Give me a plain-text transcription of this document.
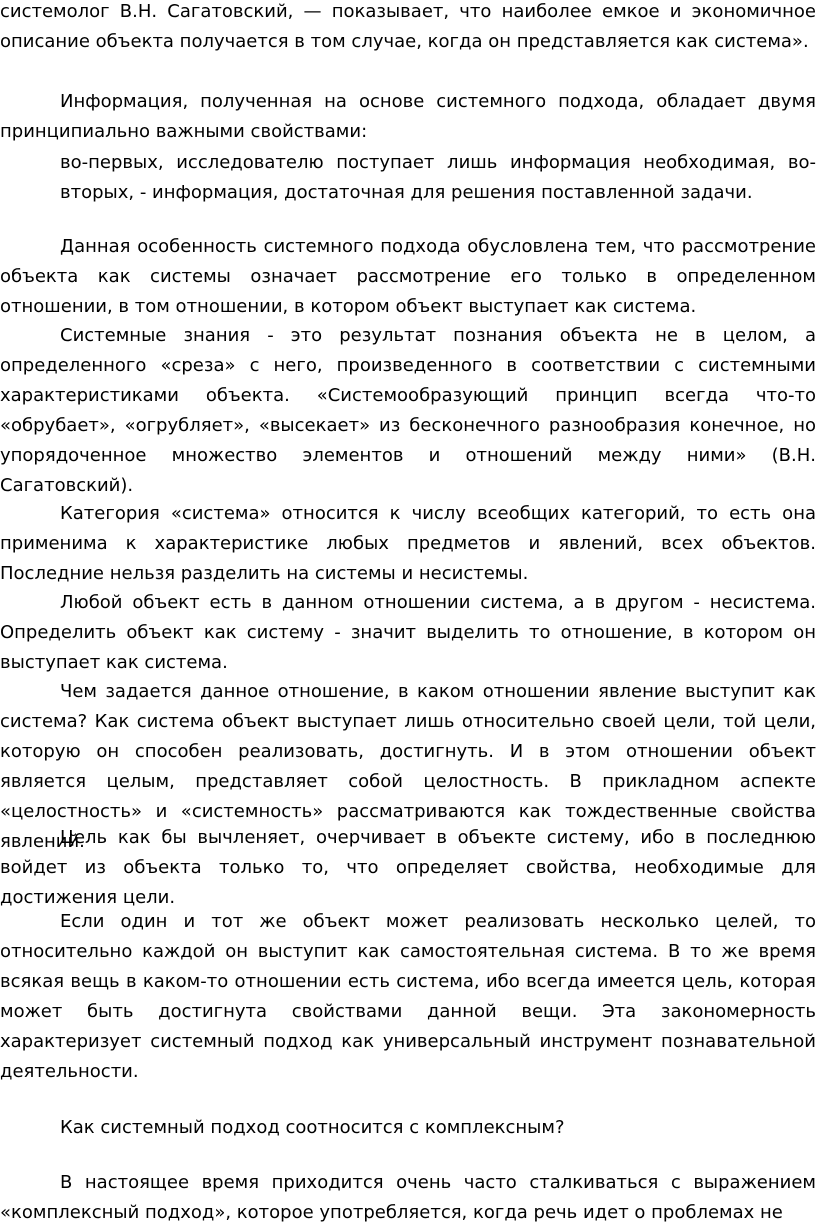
системолог В.Н. Сагатовский, — показывает, что наиболее емкое и экономичное описание объекта получается в том случае, когда он представляется как система».

Информация, полученная на основе системного подхода, обладает двумя принципиально важными свойствами:

во-первых, исследователю поступает лишь информация необходимая, во-вторых, - информация, достаточная для решения поставленной задачи.

Данная особенность системного подхода обусловлена тем, что рассмотрение объекта как системы означает рассмотрение его только в определенном отношении, в том отношении, в котором объект выступает как система.

Системные знания - это результат познания объекта не в целом, а определенного «среза» с него, произведенного в соответствии с системными характеристиками объекта. «Системообразующий принцип всегда что-то «обрубает», «огрубляет», «высекает» из бесконечного разнообразия конечное, но упорядоченное множество элементов и отношений между ними» (В.Н. Сагатовский).

Категория «система» относится к числу всеобщих категорий, то есть она применима к характеристике любых предметов и явлений, всех объектов. Последние нельзя разделить на системы и несистемы.

Любой объект есть в данном отношении система, а в другом - несистема. Определить объект как систему - значит выделить то отношение, в котором он выступает как система.

Чем задается данное отношение, в каком отношении явление выступит как система? Как система объект выступает лишь относительно своей цели, той цели, которую он способен реализовать, достигнуть. И в этом отношении объект является целым, представляет собой целостность. В прикладном аспекте «целостность» и «системность» рассматриваются как тождественные свойства явлений.

Цель как бы вычленяет, очерчивает в объекте систему, ибо в последнюю войдет из объекта только то, что определяет свойства, необходимые для достижения цели.

Если один и тот же объект может реализовать несколько целей, то относительно каждой он выступит как самостоятельная система. В то же время всякая вещь в каком-то отношении есть система, ибо всегда имеется цель, которая может быть достигнута свойствами данной вещи. Эта закономерность характеризует системный подход как универсальный инструмент познавательной деятельности.

Как системный подход соотносится с комплексным?

В настоящее время приходится очень часто сталкиваться с выражением «комплексный подход», которое употребляется, когда речь идет о проблемах не
